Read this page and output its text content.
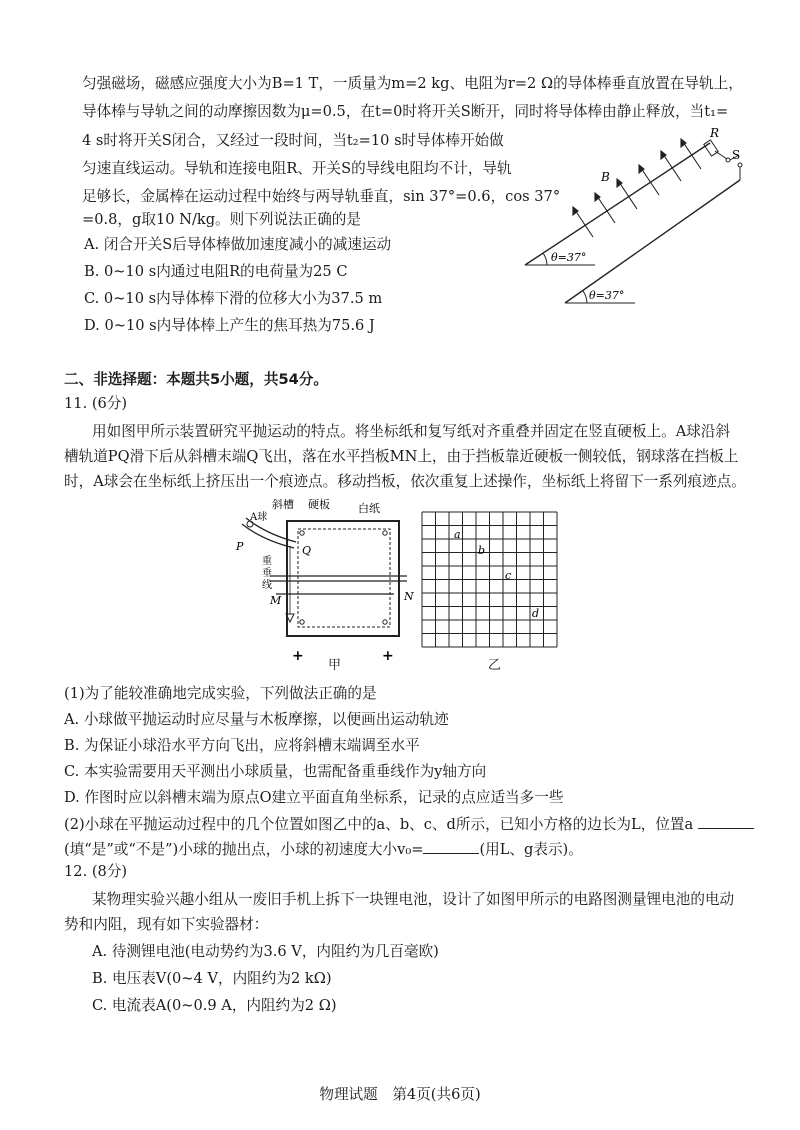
匀强磁场，磁感应强度大小为B=1 T，一质量为m=2 kg、电阻为r=2 Ω的导体棒垂直放置在导轨上，
导体棒与导轨之间的动摩擦因数为μ=0.5，在t=0时将开关S断开，同时将导体棒由静止释放，当t₁=
4 s时将开关S闭合，又经过一段时间，当t₂=10 s时导体棒开始做
匀速直线运动。导轨和连接电阻R、开关S的导线电阻均不计，导轨
足够长，金属棒在运动过程中始终与两导轨垂直，sin 37°=0.6，cos 37°
=0.8，g取10 N/kg。则下列说法正确的是
A. 闭合开关S后导体棒做加速度减小的减速运动
B. 0~10 s内通过电阻R的电荷量为25 C
C. 0~10 s内导体棒下滑的位移大小为37.5 m
D. 0~10 s内导体棒上产生的焦耳热为75.6 J
R
S
B
θ=37°
θ=37°
二、非选择题：本题共5小题，共54分。
11. (6分)
用如图甲所示装置研究平抛运动的特点。将坐标纸和复写纸对齐重叠并固定在竖直硬板上。A球沿斜
槽轨道PQ滑下后从斜槽末端Q飞出，落在水平挡板MN上，由于挡板靠近硬板一侧较低，钢球落在挡板上
时，A球会在坐标纸上挤压出一个痕迹点。移动挡板，依次重复上述操作，坐标纸上将留下一系列痕迹点。
+	+
斜槽 硬板	白纸
A球
P	Q
重
垂
线
M	N
甲
a
b
c
d
乙
(1)为了能较准确地完成实验，下列做法正确的是
A. 小球做平抛运动时应尽量与木板摩擦，以便画出运动轨迹
B. 为保证小球沿水平方向飞出，应将斜槽末端调至水平
C. 本实验需要用天平测出小球质量，也需配备重垂线作为y轴方向
D. 作图时应以斜槽末端为原点O建立平面直角坐标系，记录的点应适当多一些
(2)小球在平抛运动过程中的几个位置如图乙中的a、b、c、d所示，已知小方格的边长为L，位置a
(填“是”或“不是”)小球的抛出点，小球的初速度大小v₀=	(用L、g表示)。
12. (8分)
某物理实验兴趣小组从一废旧手机上拆下一块锂电池，设计了如图甲所示的电路图测量锂电池的电动
势和内阻，现有如下实验器材：
A. 待测锂电池(电动势约为3.6 V，内阻约为几百毫欧)
B. 电压表V(0~4 V，内阻约为2 kΩ)
C. 电流表A(0~0.9 A，内阻约为2 Ω)
物理试题　第4页(共6页)
